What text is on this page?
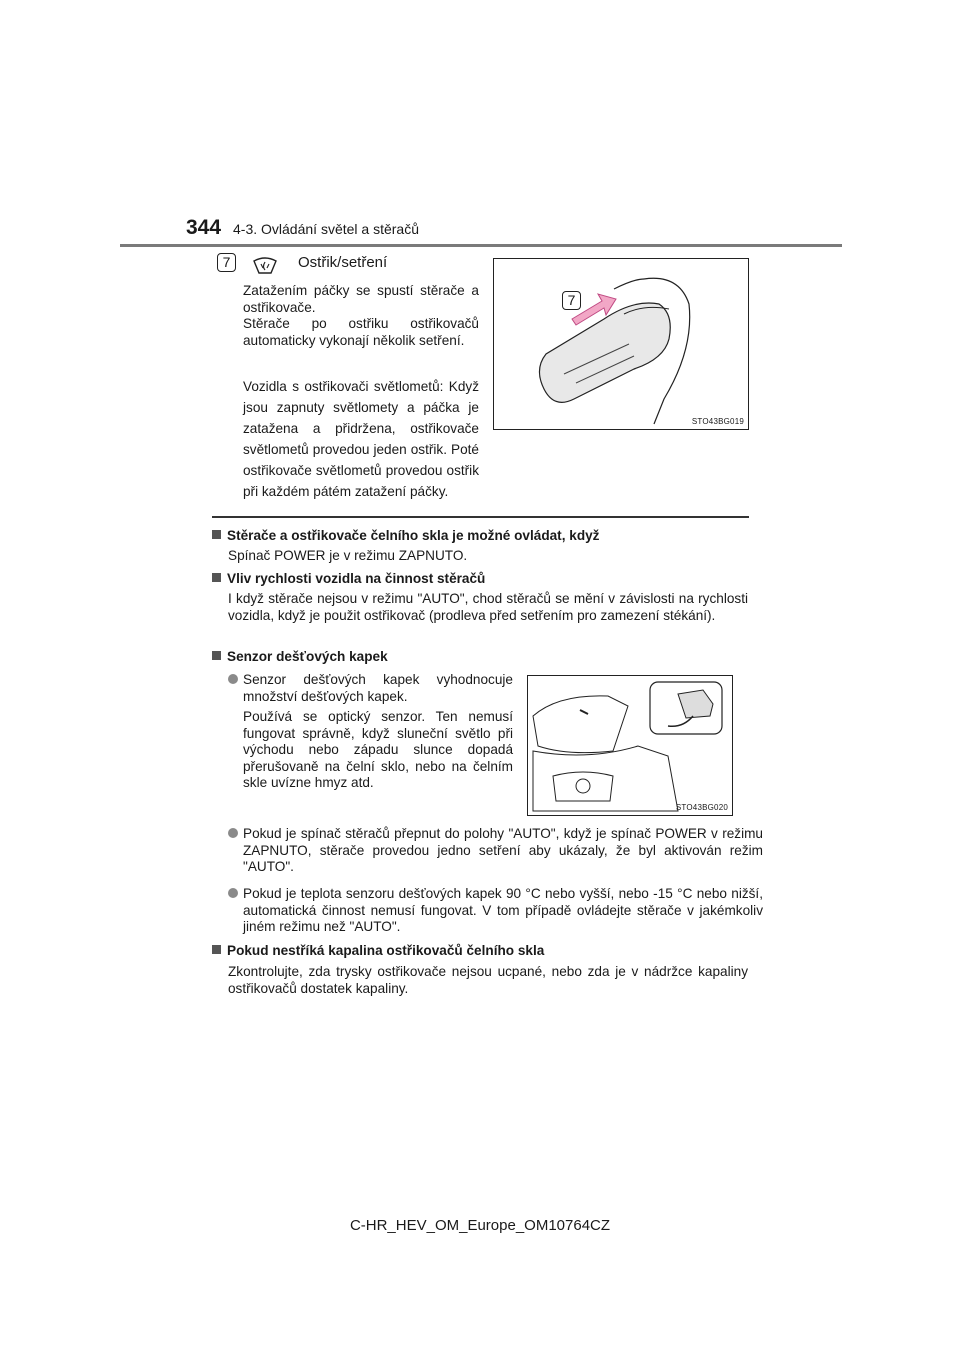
344 4-3. Ovládání světel a stěračů
7	Ostřik/setření
Zatažením páčky se spustí stěrače a ostřikovače.
Stěrače po ostřiku ostřikovačů automaticky vykonají několik setření.
Vozidla s ostřikovači světlometů: Když jsou zapnuty světlomety a páčka je zatažena a přidržena, ostřikovače světlometů provedou jeden ostřik. Poté ostřikovače světlometů provedou ostřik při každém pátém zatažení páčky.
7
STO43BG019
Stěrače a ostřikovače čelního skla je možné ovládat, když
Spínač POWER je v režimu ZAPNUTO.
Vliv rychlosti vozidla na činnost stěračů
I když stěrače nejsou v režimu "AUTO", chod stěračů se mění v závislosti na rychlosti vozidla, když je použit ostřikovač (prodleva před setřením pro zamezení stékání).
Senzor dešťových kapek
Senzor dešťových kapek vyhodnocuje množství dešťových kapek.
Používá se optický senzor. Ten nemusí fungovat správně, když sluneční světlo při východu nebo západu slunce dopadá přerušovaně na čelní sklo, nebo na čelním skle uvízne hmyz atd.
STO43BG020
Pokud je spínač stěračů přepnut do polohy "AUTO", když je spínač POWER v režimu ZAPNUTO, stěrače provedou jedno setření aby ukázaly, že byl aktivován režim "AUTO".
Pokud je teplota senzoru dešťových kapek 90 °C nebo vyšší, nebo -15 °C nebo nižší, automatická činnost nemusí fungovat. V tom případě ovládejte stěrače v jakémkoliv jiném režimu než "AUTO".
Pokud nestříká kapalina ostřikovačů čelního skla
Zkontrolujte, zda trysky ostřikovače nejsou ucpané, nebo zda je v nádržce kapaliny ostřikovačů dostatek kapaliny.
C-HR_HEV_OM_Europe_OM10764CZ
